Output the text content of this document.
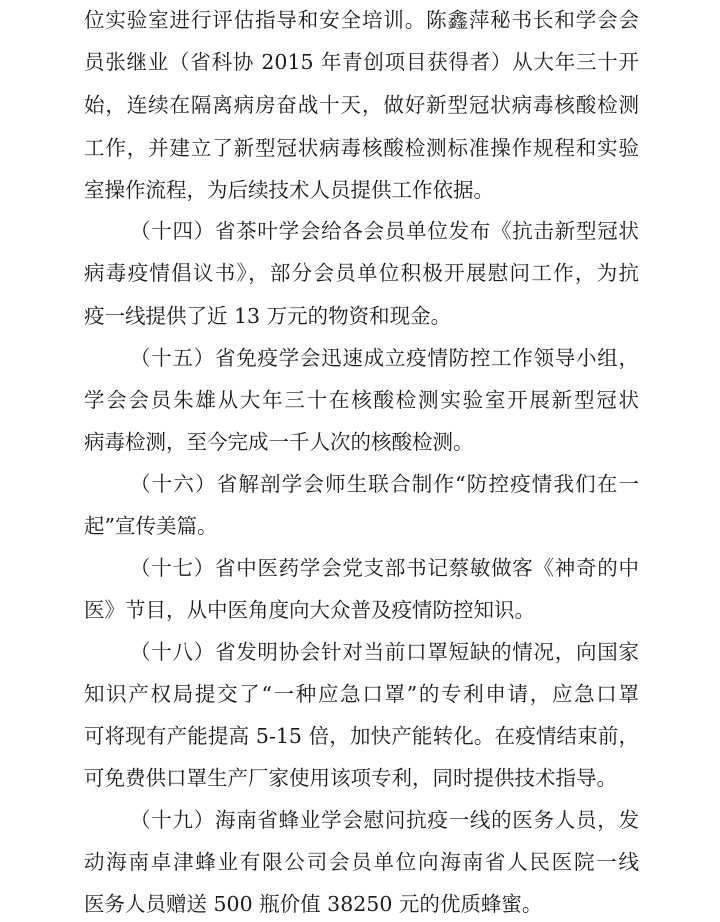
位实验室进行评估指导和安全培训。陈鑫萍秘书长和学会会

员张继业（省科协 2015 年青创项目获得者）从大年三十开

始，连续在隔离病房奋战十天，做好新型冠状病毒核酸检测

工作，并建立了新型冠状病毒核酸检测标准操作规程和实验

室操作流程，为后续技术人员提供工作依据。

（十四）省茶叶学会给各会员单位发布《抗击新型冠状

病毒疫情倡议书》，部分会员单位积极开展慰问工作，为抗

疫一线提供了近 13 万元的物资和现金。

（十五）省免疫学会迅速成立疫情防控工作领导小组，

学会会员朱雄从大年三十在核酸检测实验室开展新型冠状

病毒检测，至今完成一千人次的核酸检测。

（十六）省解剖学会师生联合制作“防控疫情我们在一

起”宣传美篇。

（十七）省中医药学会党支部书记蔡敏做客《神奇的中

医》节目，从中医角度向大众普及疫情防控知识。

（十八）省发明协会针对当前口罩短缺的情况，向国家

知识产权局提交了“一种应急口罩”的专利申请，应急口罩

可将现有产能提高 5-15 倍，加快产能转化。在疫情结束前，

可免费供口罩生产厂家使用该项专利，同时提供技术指导。

（十九）海南省蜂业学会慰问抗疫一线的医务人员，发

动海南卓津蜂业有限公司会员单位向海南省人民医院一线

医务人员赠送 500 瓶价值 38250 元的优质蜂蜜。
